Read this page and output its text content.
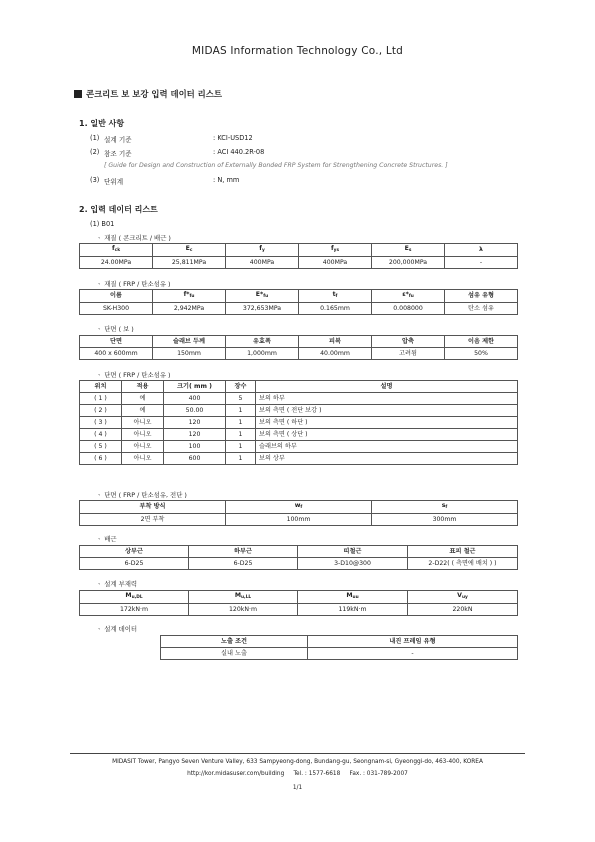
MIDAS Information Technology Co., Ltd
콘크리트 보 보강 입력 데이터 리스트
1. 일반 사항
(1) 설계 기준	: KCI-USD12
(2) 참조 기준	: ACI 440.2R-08
[ Guide for Design and Construction of Externally Bonded FRP System for Strengthening Concrete Structures. ]
(3) 단위계	: N, mm
2. 입력 데이터 리스트
(1) B01
ㆍ 재질 ( 콘크리트 / 배근 )
$f_{ck}$	$E_c$	$f_y$	$f_{ys}$	$E_s$	λ
24.00MPa	25,811MPa	400MPa	400MPa	200,000MPa	-
ㆍ 재질 ( FRP / 탄소섬유 )
이름	$f*_{fu}$	$E*_{fu}$	$t_f$	$\varepsilon*_{fu}$	섬유 유형
SK-H300	2,942MPa	372,653MPa	0.165mm	0.008000	탄소 섬유
ㆍ 단면 ( 보 )
단면	슬래브 두께	유효폭	피복	압축	이음 제한
400 x 600mm	150mm	1,000mm	40.00mm	고려됨	50%
ㆍ 단면 ( FRP / 탄소섬유 )
위치	적용	크기( mm )	장수	설명
( 1 )	예	400	5	보의 하부
( 2 )	예	50.00	1	보의 측면 ( 전단 보강 )
( 3 )	아니오	120	1	보의 측면 ( 하단 )
( 4 )	아니오	120	1	보의 측면 ( 상단 )
( 5 )	아니오	100	1	슬래브의 하부
( 6 )	아니오	600	1	보의 상부
ㆍ 단면 ( FRP / 탄소섬유, 전단 )
부착 방식	$w_f$	$s_f$
2면 부착	100mm	300mm
ㆍ 배근
상부근	하부근	띠철근	표피 철근
6-D25	6-D25	3-D10@300	2-D22( ( 측면에 배치 ) )
ㆍ 설계 부재력
$M_{u,DL}$	$M_{u,LL}$	$M_{uu}$	$V_{uy}$
172kN·m	120kN·m	119kN·m	220kN
ㆍ 설계 데이터
노출 조건	내진 프레임 유형
실내 노출	-
MIDASIT Tower, Pangyo Seven Venture Valley, 633 Sampyeong-dong, Bundang-gu, Seongnam-si, Gyeonggi-do, 463-400, KOREA
http://kor.midasuser.com/building Tel. : 1577-6618 Fax. : 031-789-2007
1/1
